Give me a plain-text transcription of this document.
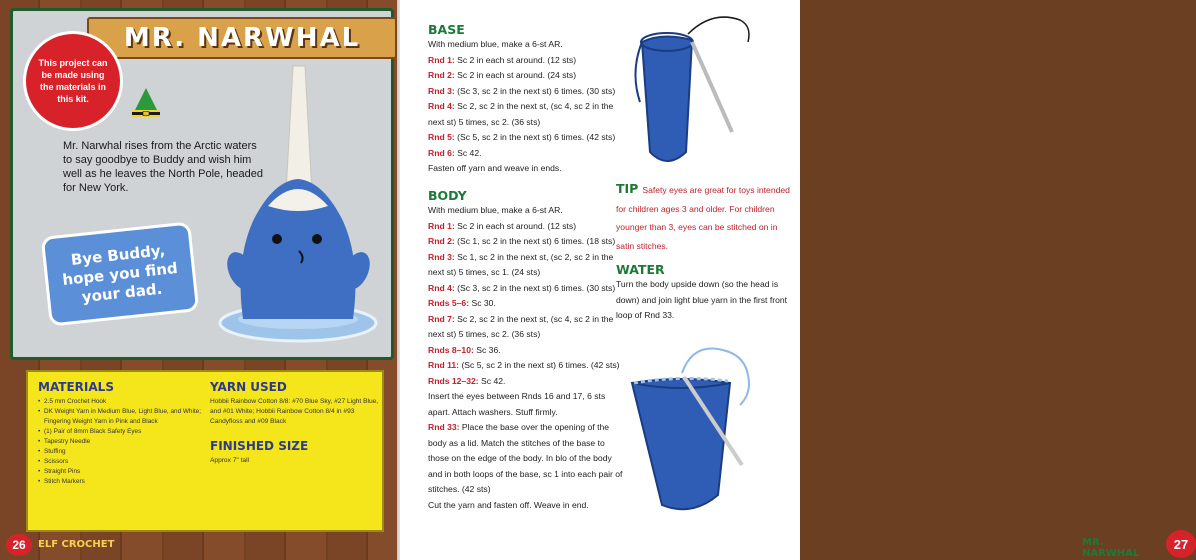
MR. NARWHAL
This project can be made using the materials in this kit.
Mr. Narwhal rises from the Arctic waters to say goodbye to Buddy and wish him well as he leaves the North Pole, headed for New York.
Bye Buddy, hope you find your dad.
MATERIALS
• 2.5 mm Crochet Hook
• DK Weight Yarn in Medium Blue, Light Blue, and White; Fingering Weight Yarn in Pink and Black
• (1) Pair of 8mm Black Safety Eyes
• Tapestry Needle
• Stuffing
• Scissors
• Straight Pins
• Stitch Markers
YARN USED
Hobbii Rainbow Cotton 8/8: #70 Blue Sky, #27 Light Blue, and #01 White; Hobbii Rainbow Cotton 8/4 in #93 Candyfloss and #09 Black
FINISHED SIZE
Approx 7" tall
26	ELF CROCHET
BASE
With medium blue, make a 6-st AR.
Rnd 1: Sc 2 in each st around. (12 sts)
Rnd 2: Sc 2 in each st around. (24 sts)
Rnd 3: (Sc 3, sc 2 in the next st) 6 times. (30 sts)
Rnd 4: Sc 2, sc 2 in the next st, (sc 4, sc 2 in the next st) 5 times, sc 2. (36 sts)
Rnd 5: (Sc 5, sc 2 in the next st) 6 times. (42 sts)
Rnd 6: Sc 42.
Fasten off yarn and weave in ends.
BODY
With medium blue, make a 6-st AR.
Rnd 1: Sc 2 in each st around. (12 sts)
Rnd 2: (Sc 1, sc 2 in the next st) 6 times. (18 sts)
Rnd 3: Sc 1, sc 2 in the next st, (sc 2, sc 2 in the next st) 5 times, sc 1. (24 sts)
Rnd 4: (Sc 3, sc 2 in the next st) 6 times. (30 sts)
Rnds 5–6: Sc 30.
Rnd 7: Sc 2, sc 2 in the next st, (sc 4, sc 2 in the next st) 5 times, sc 2. (36 sts)
Rnds 8–10: Sc 36.
Rnd 11: (Sc 5, sc 2 in the next st) 6 times. (42 sts)
Rnds 12–32: Sc 42.
Insert the eyes between Rnds 16 and 17, 6 sts apart. Attach washers. Stuff firmly.
Rnd 33: Place the base over the opening of the body as a lid. Match the stitches of the base to those on the edge of the body. In blo of the body and in both loops of the base, sc 1 into each pair of stitches. (42 sts)
Cut the yarn and fasten off. Weave in end.
TIP Safety eyes are great for toys intended for children ages 3 and older. For children younger than 3, eyes can be stitched on in satin stitches.
WATER
Turn the body upside down (so the head is down) and join light blue yarn in the first front loop of Rnd 33.
MR. NARWHAL
27
